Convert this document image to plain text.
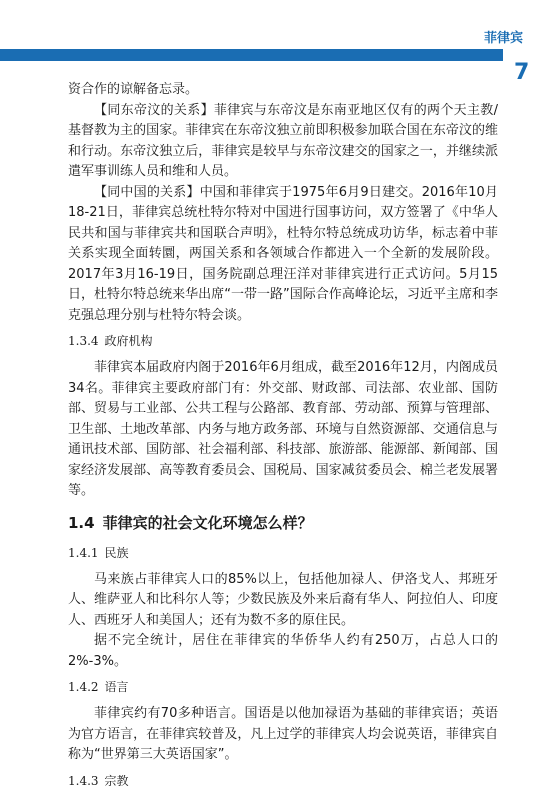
菲律宾
7

资合作的谅解备忘录。

【同东帝汶的关系】菲律宾与东帝汶是东南亚地区仅有的两个天主教/基督教为主的国家。菲律宾在东帝汶独立前即积极参加联合国在东帝汶的维和行动。东帝汶独立后，菲律宾是较早与东帝汶建交的国家之一，并继续派遣军事训练人员和维和人员。

【同中国的关系】中国和菲律宾于1975年6月9日建交。2016年10月18-21日，菲律宾总统杜特尔特对中国进行国事访问，双方签署了《中华人民共和国与菲律宾共和国联合声明》，杜特尔特总统成功访华，标志着中菲关系实现全面转圜，两国关系和各领域合作都进入一个全新的发展阶段。2017年3月16-19日，国务院副总理汪洋对菲律宾进行正式访问。5月15日，杜特尔特总统来华出席“一带一路”国际合作高峰论坛，习近平主席和李克强总理分别与杜特尔特会谈。

1.3.4 政府机构

菲律宾本届政府内阁于2016年6月组成，截至2016年12月，内阁成员34名。菲律宾主要政府部门有：外交部、财政部、司法部、农业部、国防部、贸易与工业部、公共工程与公路部、教育部、劳动部、预算与管理部、卫生部、土地改革部、内务与地方政务部、环境与自然资源部、交通信息与通讯技术部、国防部、社会福利部、科技部、旅游部、能源部、新闻部、国家经济发展部、高等教育委员会、国税局、国家减贫委员会、棉兰老发展署等。

1.4 菲律宾的社会文化环境怎么样？
1.4.1 民族

马来族占菲律宾人口的85%以上，包括他加禄人、伊洛戈人、邦班牙人、维萨亚人和比科尔人等；少数民族及外来后裔有华人、阿拉伯人、印度人、西班牙人和美国人；还有为数不多的原住民。

据不完全统计，居住在菲律宾的华侨华人约有250万，占总人口的2%-3%。

1.4.2 语言

菲律宾约有70多种语言。国语是以他加禄语为基础的菲律宾语；英语为官方语言，在菲律宾较普及，凡上过学的菲律宾人均会说英语，菲律宾自称为“世界第三大英语国家”。

1.4.3 宗教
